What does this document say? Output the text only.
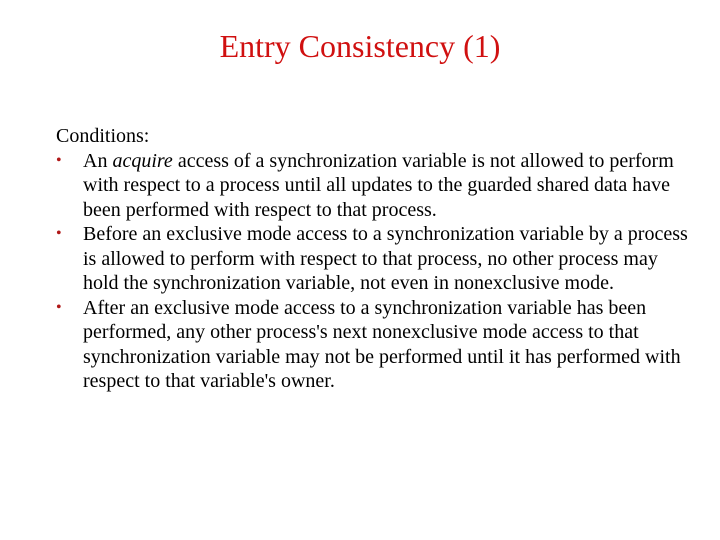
Entry Consistency (1)

Conditions:

•	An acquire access of a synchronization variable is not allowed to perform with respect to a process until all updates to the guarded shared data have been performed with respect to that process.
•	Before an exclusive mode access to a synchronization variable by a process is allowed to perform with respect to that process, no other process may hold the synchronization variable, not even in nonexclusive mode.
•	After an exclusive mode access to a synchronization variable has been performed, any other process's next nonexclusive mode access to that synchronization variable may not be performed until it has performed with respect to that variable's owner.
